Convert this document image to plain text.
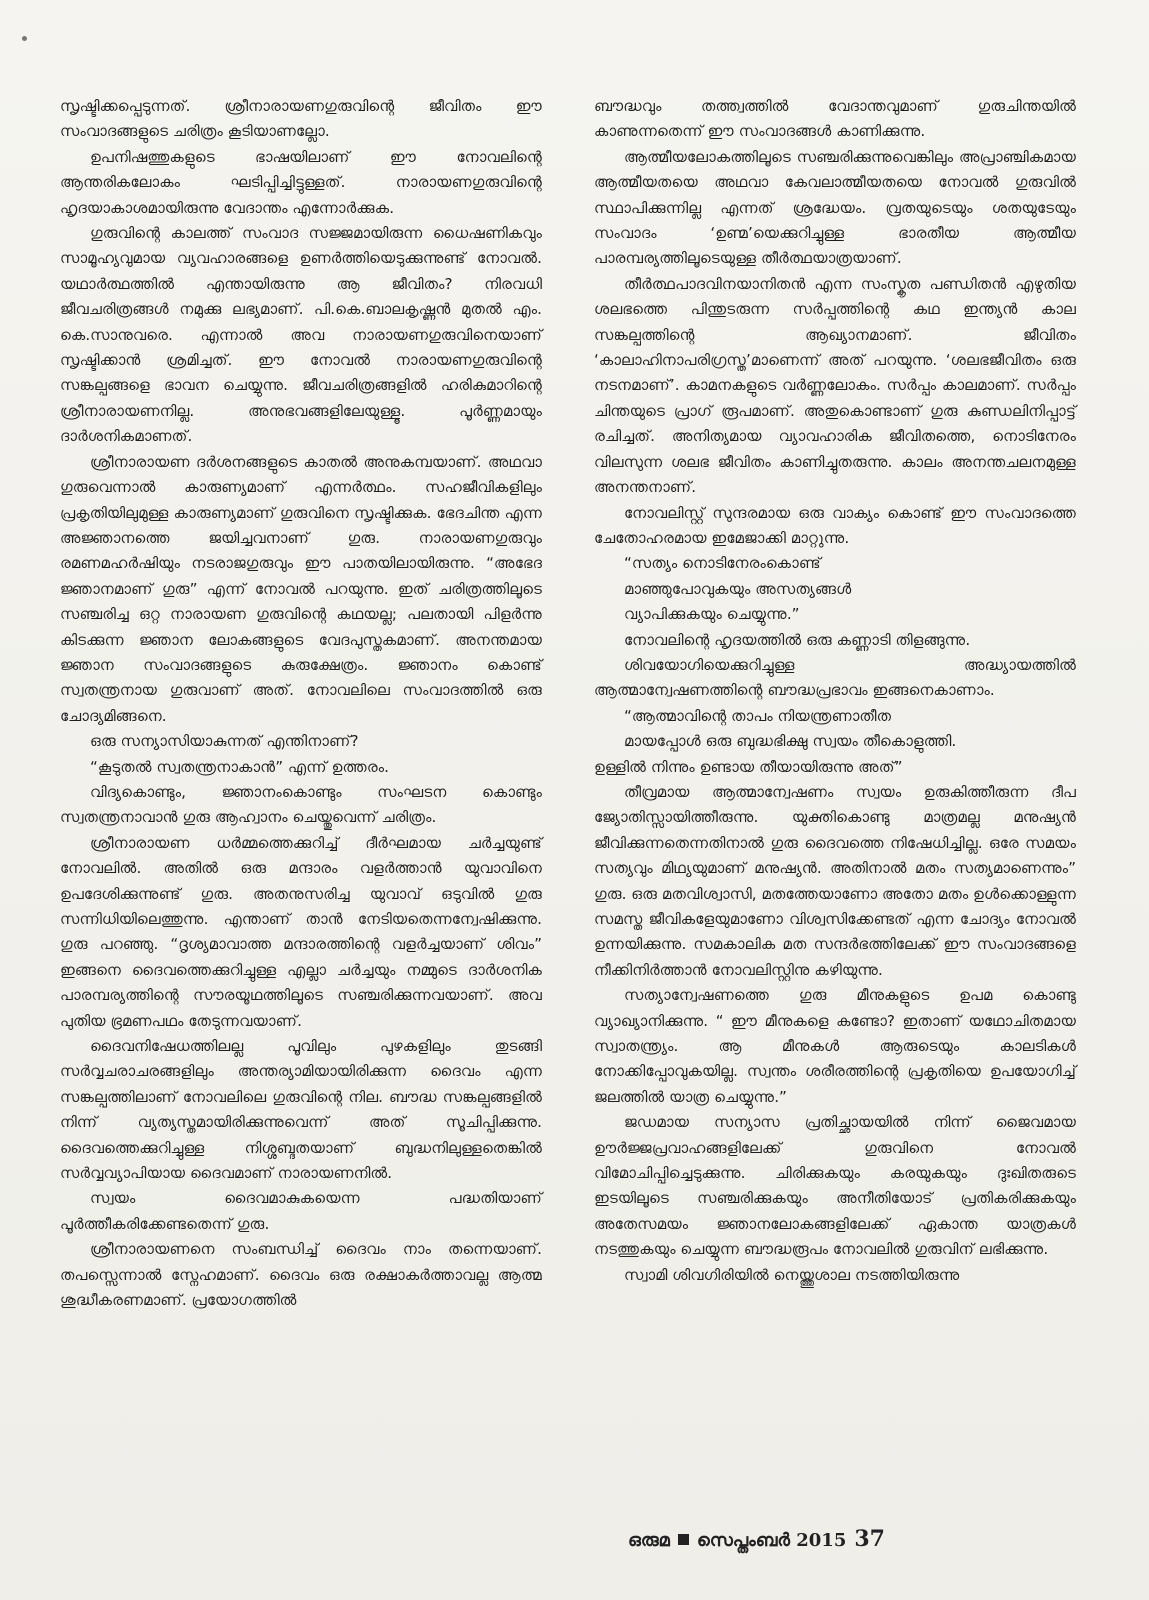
സൃഷ്ടിക്കപ്പെടുന്നത്. ശ്രീനാരായണഗുരുവിന്റെ ജീവിതം ഈ സംവാദങ്ങളുടെ ചരിത്രം കൂടിയാണല്ലോ.

ഉപനിഷത്തുകളുടെ ഭാഷയിലാണ് ഈ നോവലിന്റെ ആന്തരികലോകം ഘടിപ്പിച്ചിട്ടുള്ളത്. നാരായണഗുരുവിന്റെ ഹൃദയാകാശമായിരുന്നു വേദാന്തം എന്നോർക്കുക.

ഗുരുവിന്റെ കാലത്ത് സംവാദ സജ്ജമായിരുന്ന ധൈഷണികവും സാമൂഹ്യവുമായ വ്യവഹാരങ്ങളെ ഉണർത്തിയെടുക്കുന്നുണ്ട് നോവൽ. യഥാർത്ഥത്തിൽ എന്തായിരുന്നു ആ ജീവിതം? നിരവധി ജീവചരിത്രങ്ങൾ നമുക്കു ലഭ്യമാണ്. പി.കെ.ബാലകൃഷ്ണൻ മുതൽ എം. കെ.സാനുവരെ. എന്നാൽ അവ നാരായണഗുരുവിനെയാണ് സൃഷ്ടിക്കാൻ ശ്രമിച്ചത്. ഈ നോവൽ നാരായണഗുരുവിന്റെ സങ്കല്പങ്ങളെ ഭാവന ചെയ്യുന്നു. ജീവചരിത്രങ്ങളിൽ ഹരികുമാറിന്റെ ശ്രീനാരായണനില്ല. അനുഭവങ്ങളിലേയുള്ളൂ. പൂർണ്ണമായും ദാർശനികമാണത്.

ശ്രീനാരായണ ദർശനങ്ങളുടെ കാതൽ അനുകമ്പയാണ്. അഥവാ ഗുരുവെന്നാൽ കാരുണ്യമാണ് എന്നർത്ഥം. സഹജീവികളിലും പ്രകൃതിയിലുമുള്ള കാരുണ്യമാണ് ഗുരുവിനെ സൃഷ്ടിക്കുക. ഭേദചിന്ത എന്ന അജ്ഞാനത്തെ ജയിച്ചവനാണ് ഗുരു. നാരായണഗുരുവും രമണമഹർഷിയും നടരാജഗുരുവും ഈ പാതയിലായിരുന്നു. “അഭേദ ജ്ഞാനമാണ് ഗുരു” എന്ന് നോവൽ പറയുന്നു. ഇത് ചരിത്രത്തിലൂടെ സഞ്ചരിച്ച ഒറ്റ നാരായണ ഗുരുവിന്റെ കഥയല്ല; പലതായി പിളർന്നു കിടക്കുന്ന ജ്ഞാന ലോകങ്ങളുടെ വേദപുസ്തകമാണ്. അനന്തമായ ജ്ഞാന സംവാദങ്ങളുടെ കുരുക്ഷേത്രം. ജ്ഞാനം കൊണ്ട് സ്വതന്ത്രനായ ഗുരുവാണ് അത്. നോവലിലെ സംവാദത്തിൽ ഒരു ചോദ്യമിങ്ങനെ.

ഒരു സന്യാസിയാകുന്നത് എന്തിനാണ്?

“കൂടുതൽ സ്വതന്ത്രനാകാൻ” എന്ന് ഉത്തരം.

വിദ്യകൊണ്ടും, ജ്ഞാനംകൊണ്ടും സംഘടന കൊണ്ടും സ്വതന്ത്രനാവാൻ ഗുരു ആഹ്വാനം ചെയ്തുവെന്ന് ചരിത്രം.

ശ്രീനാരായണ ധർമ്മത്തെക്കുറിച്ച് ദീർഘമായ ചർച്ചയുണ്ട് നോവലിൽ. അതിൽ ഒരു മന്ദാരം വളർത്താൻ യുവാവിനെ ഉപദേശിക്കുന്നുണ്ട് ഗുരു. അതനുസരിച്ച യുവാവ് ഒടുവിൽ ഗുരു സന്നിധിയിലെത്തുന്നു. എന്താണ് താൻ നേടിയതെന്നന്വേഷിക്കുന്നു. ഗുരു പറഞ്ഞു. “ദൃശ്യമാവാത്ത മന്ദാരത്തിന്റെ വളർച്ചയാണ് ശിവം” ഇങ്ങനെ ദൈവത്തെക്കുറിച്ചുള്ള എല്ലാ ചർച്ചയും നമ്മുടെ ദാർശനിക പാരമ്പര്യത്തിന്റെ സൗരയൂഥത്തിലൂടെ സഞ്ചരിക്കുന്നവയാണ്. അവ പുതിയ ഭ്രമണപഥം തേടുന്നവയാണ്.

ദൈവനിഷേധത്തിലല്ല പൂവിലും പുഴകളിലും തുടങ്ങി സർവ്വചരാചരങ്ങളിലും അന്തര്യാമിയായിരിക്കുന്ന ദൈവം എന്ന സങ്കല്പത്തിലാണ് നോവലിലെ ഗുരുവിന്റെ നില. ബൗദ്ധ സങ്കല്പങ്ങളിൽ നിന്ന് വ്യത്യസ്തമായിരിക്കുന്നുവെന്ന് അത് സൂചിപ്പിക്കുന്നു. ദൈവത്തെക്കുറിച്ചുള്ള നിശ്ശബ്ദതയാണ് ബുദ്ധനിലുള്ളതെങ്കിൽ സർവ്വവ്യാപിയായ ദൈവമാണ് നാരായണനിൽ.

സ്വയം ദൈവമാകുകയെന്ന പദ്ധതിയാണ് പൂർത്തീകരിക്കേണ്ടതെന്ന് ഗുരു.

ശ്രീനാരായണനെ സംബന്ധിച്ച് ദൈവം നാം തന്നെയാണ്. തപസ്സെന്നാൽ സ്നേഹമാണ്. ദൈവം ഒരു രക്ഷാകർത്താവല്ല ആത്മ ശുദ്ധീകരണമാണ്. പ്രയോഗത്തിൽ

ബൗദ്ധവും തത്ത്വത്തിൽ വേദാന്തവുമാണ് ഗുരുചിന്തയിൽ കാണുന്നതെന്ന് ഈ സംവാദങ്ങൾ കാണിക്കുന്നു.

ആത്മീയലോകത്തിലൂടെ സഞ്ചരിക്കുന്നുവെങ്കിലും അപ്രാഞ്ചികമായ ആത്മീയതയെ അഥവാ കേവലാത്മീയതയെ നോവൽ ഗുരുവിൽ സ്ഥാപിക്കുന്നില്ല എന്നത് ശ്രദ്ധേയം. വ്രതയുടെയും ശതയുടേയും സംവാദം ‘ഉണ്മ’യെക്കുറിച്ചുള്ള ഭാരതീയ ആത്മീയ പാരമ്പര്യത്തിലൂടെയുള്ള തീർത്ഥയാത്രയാണ്.

തീർത്ഥപാദവിനയാനിതൻ എന്ന സംസ്കൃത പണ്ഡിതൻ എഴുതിയ ശലഭത്തെ പിന്തുടരുന്ന സർപ്പത്തിന്റെ കഥ ഇന്ത്യൻ കാല സങ്കല്പത്തിന്റെ ആഖ്യാനമാണ്. ജീവിതം ‘കാലാഹിനാപരിഗ്രസ്ത’മാണെന്ന് അത് പറയുന്നു. ‘ശലഭജീവിതം ഒരു നടനമാണ്’. കാമനകളുടെ വർണ്ണലോകം. സർപ്പം കാലമാണ്. സർപ്പം ചിന്തയുടെ പ്രാഗ് രൂപമാണ്. അതുകൊണ്ടാണ് ഗുരു കുണ്ഡലിനിപ്പാട്ട് രചിച്ചത്. അനിത്യമായ വ്യാവഹാരിക ജീവിതത്തെ, നൊടിനേരം വിലസുന്ന ശലഭ ജീവിതം കാണിച്ചുതരുന്നു. കാലം അനന്തചലനമുള്ള അനന്തനാണ്.

നോവലിസ്റ്റ് സുന്ദരമായ ഒരു വാക്യം കൊണ്ട് ഈ സംവാദത്തെ ചേതോഹരമായ ഇമേജാക്കി മാറ്റുന്നു.

“സത്യം നൊടിനേരംകൊണ്ട്

മാഞ്ഞുപോവുകയും അസത്യങ്ങൾ

വ്യാപിക്കുകയും ചെയ്യുന്നു.”

നോവലിന്റെ ഹൃദയത്തിൽ ഒരു കണ്ണാടി തിളങ്ങുന്നു.

ശിവയോഗിയെക്കുറിച്ചുള്ള അദ്ധ്യായത്തിൽ ആത്മാന്വേഷണത്തിന്റെ ബൗദ്ധപ്രഭാവം ഇങ്ങനെകാണാം.

“ആത്മാവിന്റെ താപം നിയന്ത്രണാതീത

മായപ്പോൾ ഒരു ബുദ്ധഭിക്ഷു സ്വയം തീകൊളുത്തി.

ഉള്ളിൽ നിന്നും ഉണ്ടായ തീയായിരുന്നു അത്”

തീവ്രമായ ആത്മാന്വേഷണം സ്വയം ഉരുകിത്തീരുന്ന ദീപ ജ്യോതിസ്സായിത്തീരുന്നു. യുക്തികൊണ്ടു മാത്രമല്ല മനുഷ്യൻ ജീവിക്കുന്നതെന്നതിനാൽ ഗുരു ദൈവത്തെ നിഷേധിച്ചില്ല. ഒരേ സമയം സത്യവും മിഥ്യയുമാണ് മനുഷ്യൻ. അതിനാൽ മതം സത്യമാണെന്നും” ഗുരു. ഒരു മതവിശ്വാസി, മതത്തേയാണോ അതോ മതം ഉൾക്കൊള്ളുന്ന സമസ്ത ജീവികളേയുമാണോ വിശ്വസിക്കേണ്ടത് എന്ന ചോദ്യം നോവൽ ഉന്നയിക്കുന്നു. സമകാലിക മത സന്ദർഭത്തിലേക്ക് ഈ സംവാദങ്ങളെ നീക്കിനിർത്താൻ നോവലിസ്റ്റിനു കഴിയുന്നു.

സത്യാന്വേഷണത്തെ ഗുരു മീനുകളുടെ ഉപമ കൊണ്ടു വ്യാഖ്യാനിക്കുന്നു. “ ഈ മീനുകളെ കണ്ടോ? ഇതാണ് യഥോചിതമായ സ്വാതന്ത്ര്യം. ആ മീനുകൾ ആരുടെയും കാലടികൾ നോക്കിപ്പോവുകയില്ല. സ്വന്തം ശരീരത്തിന്റെ പ്രകൃതിയെ ഉപയോഗിച്ച് ജലത്തിൽ യാത്ര ചെയ്യുന്നു.”

ജഡമായ സന്യാസ പ്രതിച്ഛായയിൽ നിന്ന് ജൈവമായ ഊർജ്ജപ്രവാഹങ്ങളിലേക്ക് ഗുരുവിനെ നോവൽ വിമോചിപ്പിച്ചെടുക്കുന്നു. ചിരിക്കുകയും കരയുകയും ദുഃഖിതരുടെ ഇടയിലൂടെ സഞ്ചരിക്കുകയും അനീതിയോട് പ്രതികരിക്കുകയും അതേസമയം ജ്ഞാനലോകങ്ങളിലേക്ക് ഏകാന്ത യാത്രകൾ നടത്തുകയും ചെയ്യുന്ന ബൗദ്ധരൂപം നോവലിൽ ഗുരുവിന് ലഭിക്കുന്നു.

സ്വാമി ശിവഗിരിയിൽ നെയ്ത്തുശാല നടത്തിയിരുന്നു

ഒരുമ സെപ്തംബർ 2015 37
